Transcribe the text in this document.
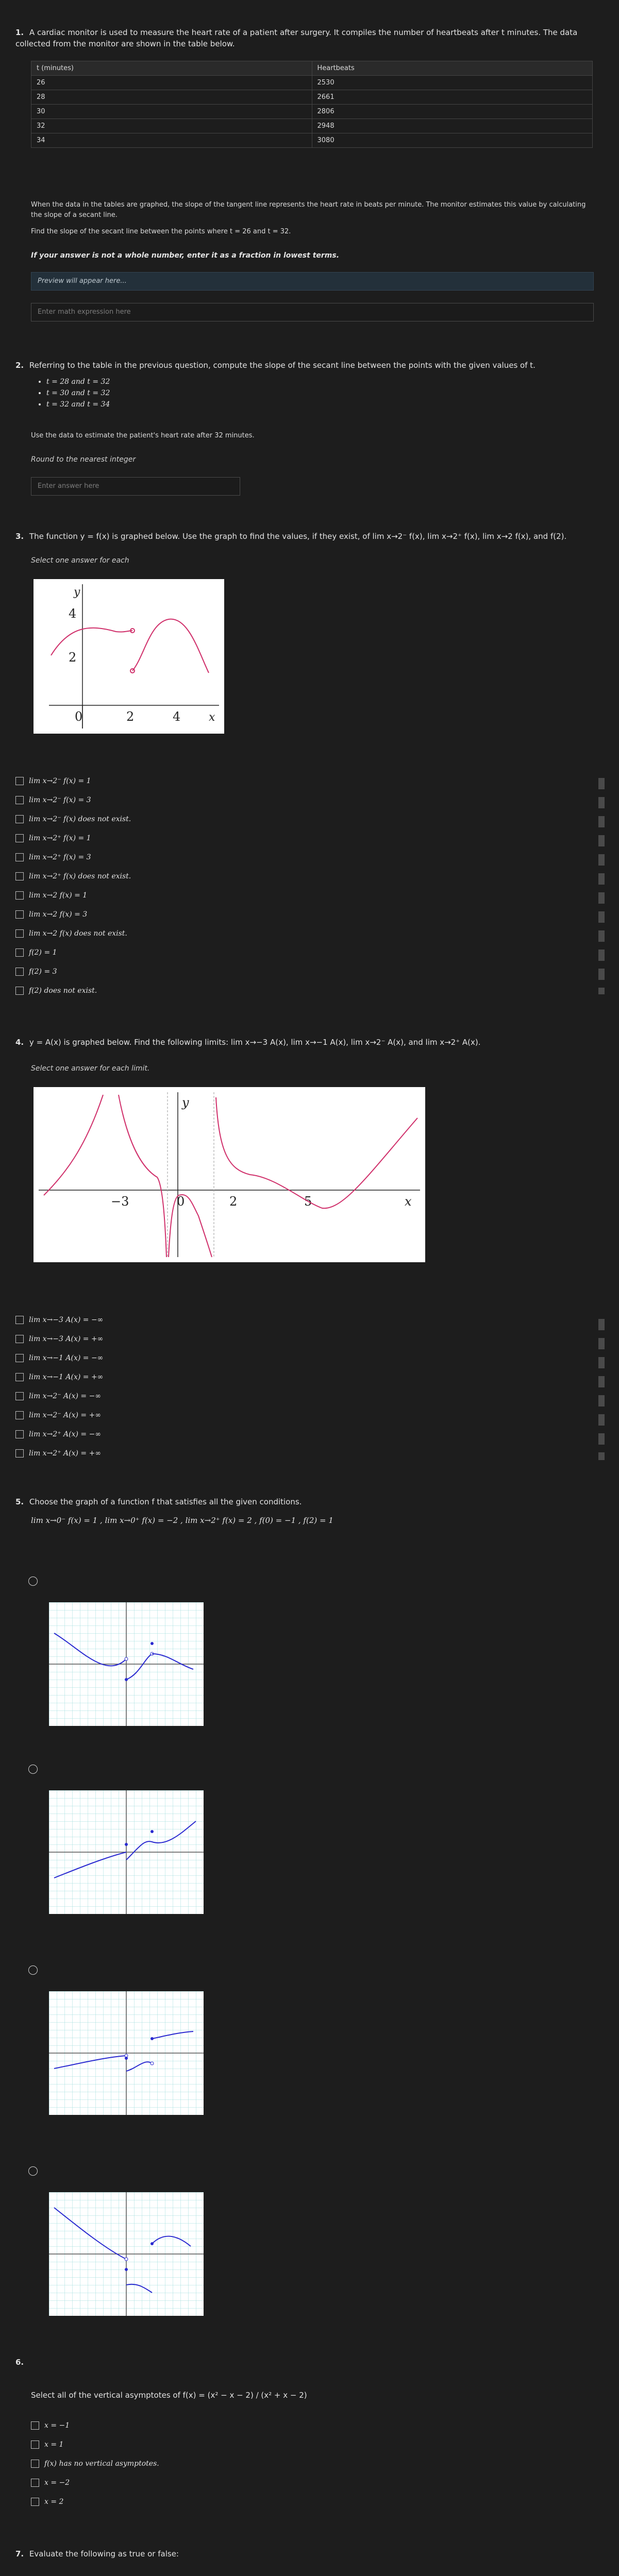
1. A cardiac monitor is used to measure the heart rate of a patient after surgery. It compiles the number of heartbeats after t minutes. The data collected from the monitor are shown in the table below.
t (minutes)	Heartbeats
26	2530
28	2661
30	2806
32	2948
34	3080
When the data in the tables are graphed, the slope of the tangent line represents the heart rate in beats per minute. The monitor estimates this value by calculating the slope of a secant line.
Find the slope of the secant line between the points where t = 26 and t = 32.
If your answer is not a whole number, enter it as a fraction in lowest terms.
Preview will appear here...
Enter math expression here
2. Referring to the table in the previous question, compute the slope of the secant line between the points with the given values of t.
• t = 28 and t = 32
• t = 30 and t = 32
• t = 32 and t = 34
Use the data to estimate the patient's heart rate after 32 minutes.
Round to the nearest integer
Enter answer here
3. The function y = f(x) is graphed below. Use the graph to find the values, if they exist, of lim x→2⁻ f(x), lim x→2⁺ f(x), lim x→2 f(x), and f(2).
Select one answer for each
y
x
4
2
0	2	4
lim x→2⁻ f(x) = 1
lim x→2⁻ f(x) = 3
lim x→2⁻ f(x) does not exist.
lim x→2⁺ f(x) = 1
lim x→2⁺ f(x) = 3
lim x→2⁺ f(x) does not exist.
lim x→2 f(x) = 1
lim x→2 f(x) = 3
lim x→2 f(x) does not exist.
f(2) = 1
f(2) = 3
f(2) does not exist.
4. y = A(x) is graphed below. Find the following limits: lim x→−3 A(x), lim x→−1 A(x), lim x→2⁻ A(x), and lim x→2⁺ A(x).
Select one answer for each limit.
y
x
−3	0	2	5
lim x→−3 A(x) = −∞
lim x→−3 A(x) = +∞
lim x→−1 A(x) = −∞
lim x→−1 A(x) = +∞
lim x→2⁻ A(x) = −∞
lim x→2⁻ A(x) = +∞
lim x→2⁺ A(x) = −∞
lim x→2⁺ A(x) = +∞
5. Choose the graph of a function f that satisfies all the given conditions.
lim x→0⁻ f(x) = 1 , lim x→0⁺ f(x) = −2 , lim x→2⁺ f(x) = 2 , f(0) = −1 , f(2) = 1
6.
Select all of the vertical asymptotes of f(x) = (x² − x − 2) / (x² + x − 2)
x = −1
x = 1
f(x) has no vertical asymptotes.
x = −2
x = 2
7. Evaluate the following as true or false:
